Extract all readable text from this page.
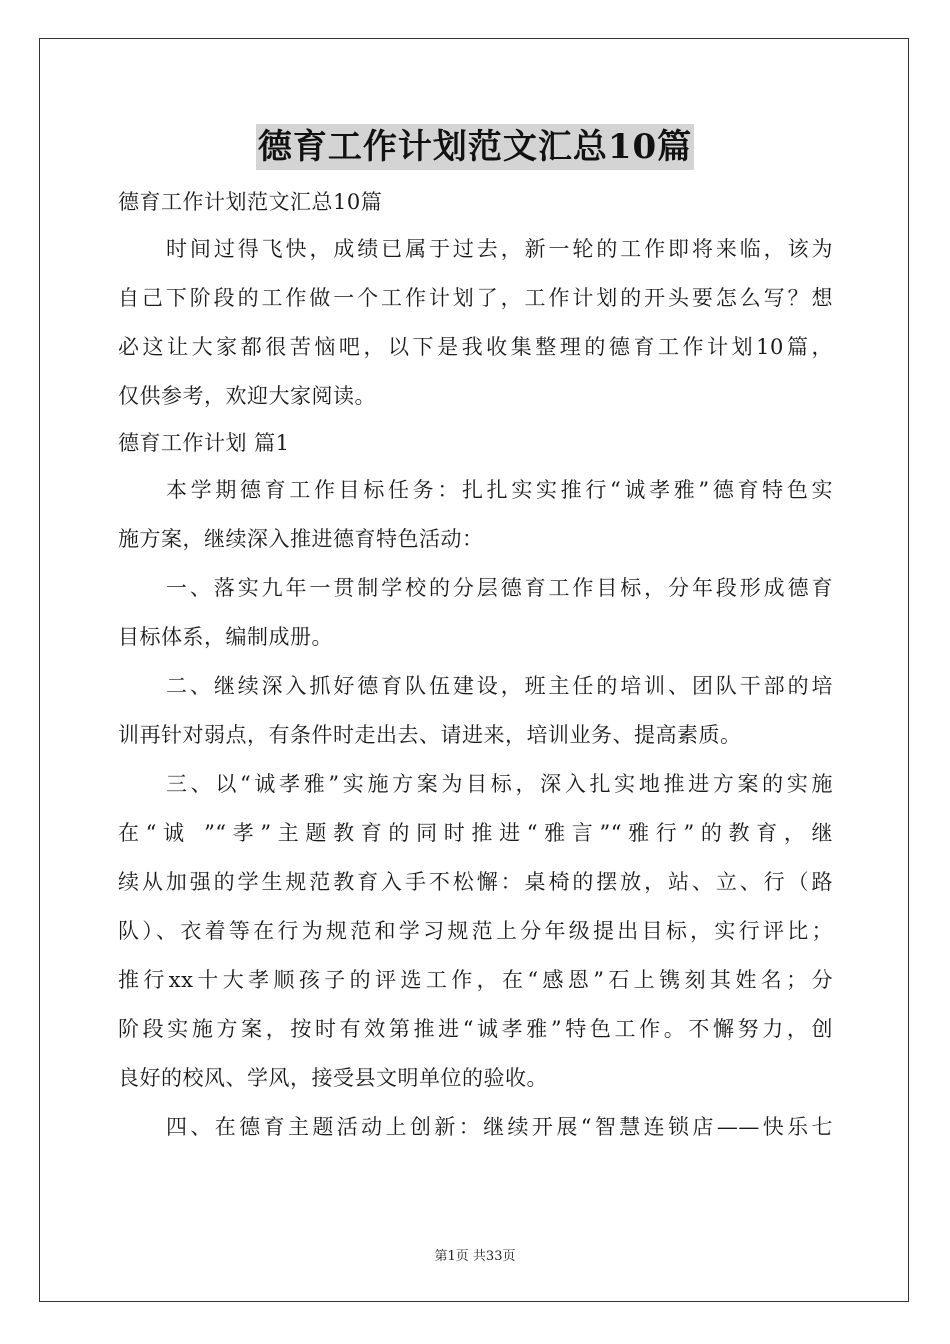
德育工作计划范文汇总10篇
德育工作计划范文汇总10篇
时间过得飞快，成绩已属于过去，新一轮的工作即将来临，该为
自己下阶段的工作做一个工作计划了，工作计划的开头要怎么写？想
必这让大家都很苦恼吧，以下是我收集整理的德育工作计划10篇，
仅供参考，欢迎大家阅读。
德育工作计划 篇1
本学期德育工作目标任务：扎扎实实推行“诚孝雅”德育特色实
施方案，继续深入推进德育特色活动：
一、落实九年一贯制学校的分层德育工作目标，分年段形成德育
目标体系，编制成册。
二、继续深入抓好德育队伍建设，班主任的培训、团队干部的培
训再针对弱点，有条件时走出去、请进来，培训业务、提高素质。
三、以“诚孝雅”实施方案为目标，深入扎实地推进方案的实施
在“诚 ”“孝”主题教育的同时推进“雅言”“雅行”的教育，继
续从加强的学生规范教育入手不松懈：桌椅的摆放，站、立、行（路
队）、衣着等在行为规范和学习规范上分年级提出目标，实行评比；
推行xx十大孝顺孩子的评选工作，在“感恩”石上镌刻其姓名；分
阶段实施方案，按时有效第推进“诚孝雅”特色工作。不懈努力，创
良好的校风、学风，接受县文明单位的验收。
四、在德育主题活动上创新：继续开展“智慧连锁店——快乐七
第1页 共33页
